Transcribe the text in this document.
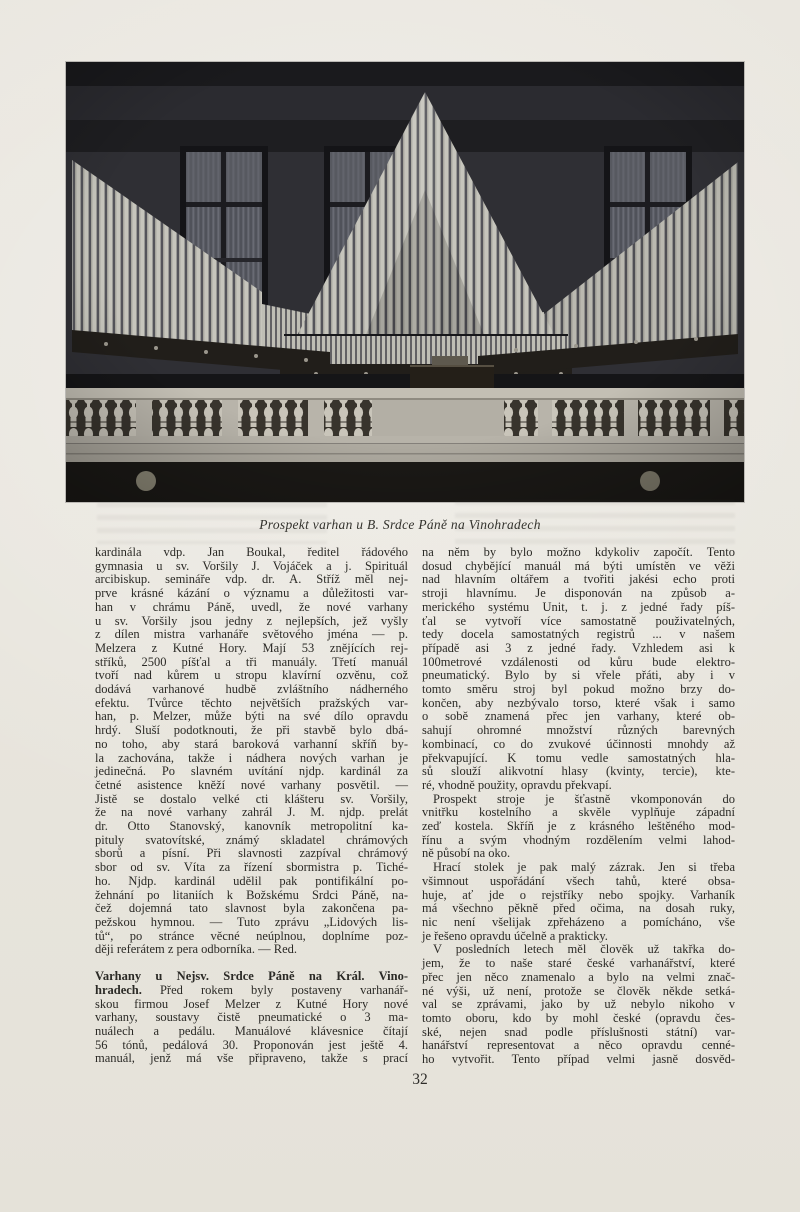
Prospekt varhan u B. Srdce Páně na Vinohradech
kardinála vdp. Jan Boukal, ředitel řádového
gymnasia u sv. Voršily J. Vojáček a j. Spirituál
arcibiskup. semináře vdp. dr. A. Stříž měl nej-
prve krásné kázání o významu a důležitosti var-
han v chrámu Páně, uvedl, že nové varhany
u sv. Voršily jsou jedny z nejlepších, jež vyšly
z dílen mistra varhanáře světového jména — p.
Melzera z Kutné Hory. Mají 53 znějících rej-
stříků, 2500 píšťal a tři manuály. Třetí manuál
tvoří nad kůrem u stropu klavírní ozvěnu, což
dodává varhanové hudbě zvláštního nádherného
efektu. Tvůrce těchto největších pražských var-
han, p. Melzer, může býti na své dílo opravdu
hrdý. Sluší podotknouti, že při stavbě bylo dbá-
no toho, aby stará baroková varhanní skříň by-
la zachována, takže i nádhera nových varhan je
jedinečná. Po slavném uvítání njdp. kardinál za
četné asistence kněží nové varhany posvětil. —
Jistě se dostalo velké cti klášteru sv. Voršily,
že na nové varhany zahrál J. M. njdp. prelát
dr. Otto Stanovský, kanovník metropolitní ka-
pituly svatovítské, známý skladatel chrámových
sborů a písní. Při slavnosti zazpíval chrámový
sbor od sv. Víta za řízení sbormistra p. Tiché-
ho. Njdp. kardinál udělil pak pontifikální po-
žehnání po litaniích k Božskému Srdci Páně, na-
čež dojemná tato slavnost byla zakončena pa-
pežskou hymnou. — Tuto zprávu „Lidových lis-
tů“, po stránce věcné neúplnou, doplníme poz-
ději referátem z pera odborníka. — Red.
Varhany u Nejsv. Srdce Páně na Král. Vino-
hradech. Před rokem byly postaveny varhanář-
skou firmou Josef Melzer z Kutné Hory nové
varhany, soustavy čistě pneumatické o 3 ma-
nuálech a pedálu. Manuálové klávesnice čítají
56 tónů, pedálová 30. Proponován jest ještě 4.
manuál, jenž má vše připraveno, takže s prací
na něm by bylo možno kdykoliv započít. Tento
dosud chybějící manuál má býti umístěn ve věži
nad hlavním oltářem a tvořiti jakési echo proti
stroji hlavnímu. Je disponován na způsob a-
merického systému Unit, t. j. z jedné řady píš-
ťal se vytvoří více samostatně použivatelných,
tedy docela samostatných registrů ... v našem
případě asi 3 z jedné řady. Vzhledem asi k
100metrové vzdálenosti od kůru bude elektro-
pneumatický. Bylo by si vřele přáti, aby i v
tomto směru stroj byl pokud možno brzy do-
končen, aby nezbývalo torso, které však i samo
o sobě znamená přec jen varhany, které ob-
sahují ohromné množství různých barevných
kombinací, co do zvukové účinnosti mnohdy až
překvapující. K tomu vedle samostatných hla-
sů slouží alikvotní hlasy (kvinty, tercie), kte-
ré, vhodně použity, opravdu překvapí.
Prospekt stroje je šťastně vkomponován do
vnitřku kostelního a skvěle vyplňuje západní
zeď kostela. Skříň je z krásného leštěného mod-
řínu a svým vhodným rozdělením velmi lahod-
ně působí na oko.
Hrací stolek je pak malý zázrak. Jen si třeba
všimnout uspořádání všech tahů, které obsa-
huje, ať jde o rejstříky nebo spojky. Varhaník
má všechno pěkně před očima, na dosah ruky,
nic není všelijak zpřeházeno a pomícháno, vše
je řešeno opravdu účelně a prakticky.
V posledních letech měl člověk už takřka do-
jem, že to naše staré české varhanářství, které
přec jen něco znamenalo a bylo na velmi znač-
né výši, už není, protože se člověk někde setká-
val se zprávami, jako by už nebylo nikoho v
tomto oboru, kdo by mohl české (opravdu čes-
ské, nejen snad podle příslušnosti státní) var-
hanářství representovat a něco opravdu cenné-
ho vytvořit. Tento případ velmi jasně dosvěd-
32
